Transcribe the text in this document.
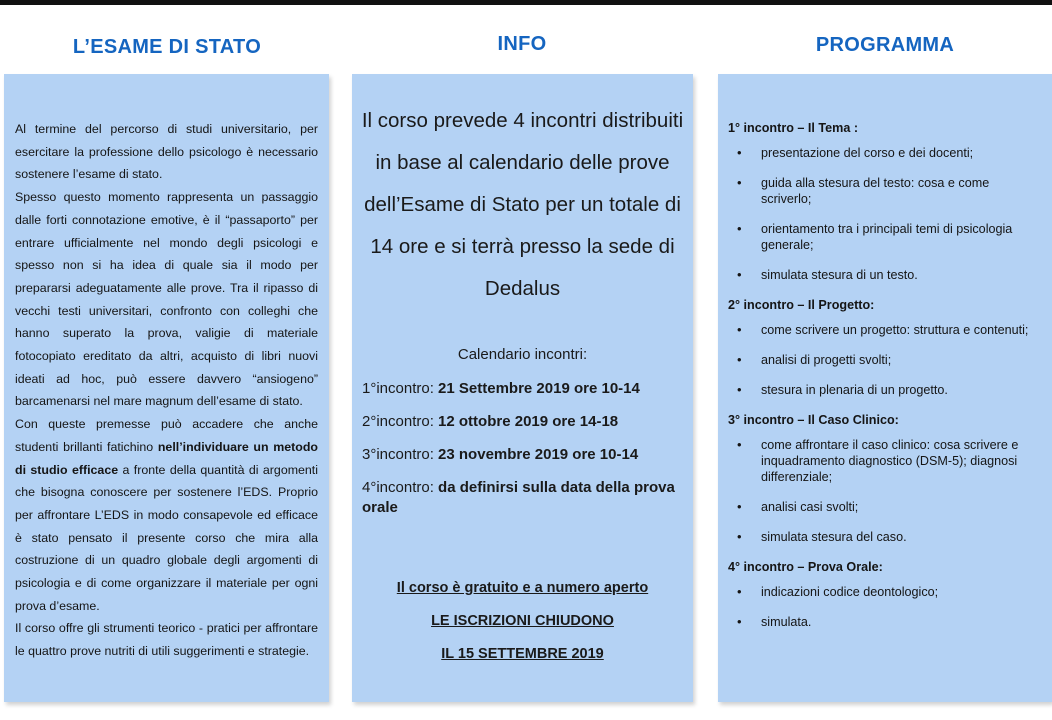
L’ESAME DI STATO	INFO	PROGRAMMA

Al termine del percorso di studi universitario, per esercitare la professione dello psicologo è necessario sostenere l’esame di stato.
Spesso questo momento rappresenta un passaggio dalle forti connotazione emotive, è il “passaporto” per entrare ufficialmente nel mondo degli psicologi e spesso non si ha idea di quale sia il modo per prepararsi adeguatamente alle prove. Tra il ripasso di vecchi testi universitari, confronto con colleghi che hanno superato la prova, valigie di materiale fotocopiato ereditato da altri, acquisto di libri nuovi ideati ad hoc, può essere davvero “ansiogeno” barcamenarsi nel mare magnum dell’esame di stato.
Con queste premesse può accadere che anche studenti brillanti fatichino nell’individuare un metodo di studio efficace a fronte della quantità di argomenti che bisogna conoscere per sostenere l’EDS. Proprio per affrontare L’EDS in modo consapevole ed efficace è stato pensato il presente corso che mira alla costruzione di un quadro globale degli argomenti di psicologia e di come organizzare il materiale per ogni prova d’esame.
Il corso offre gli strumenti teorico - pratici per affrontare le quattro prove nutriti di utili suggerimenti e strategie.

Il corso prevede 4 incontri distribuiti in base al calendario delle prove dell’Esame di Stato per un totale di 14 ore e si terrà presso la sede di Dedalus
Calendario incontri:
1°incontro: 21 Settembre 2019 ore 10-14
2°incontro: 12 ottobre 2019 ore 14-18
3°incontro: 23 novembre 2019 ore 10-14
4°incontro: da definirsi sulla data della prova orale
Il corso è gratuito e a numero aperto
LE ISCRIZIONI CHIUDONO
IL 15 SETTEMBRE 2019
1° incontro – Il Tema :
• presentazione del corso e dei docenti;
• guida alla stesura del testo: cosa e come scriverlo;
• orientamento tra i principali temi di psicologia generale;
• simulata stesura di un testo.
2° incontro – Il Progetto:
• come scrivere un progetto: struttura e contenuti;
• analisi di progetti svolti;
• stesura in plenaria di un progetto.
3° incontro – Il Caso Clinico:
• come affrontare il caso clinico: cosa scrivere e inquadramento diagnostico (DSM-5); diagnosi differenziale;
• analisi casi svolti;
• simulata stesura del caso.
4° incontro – Prova Orale:
• indicazioni codice deontologico;
• simulata.
